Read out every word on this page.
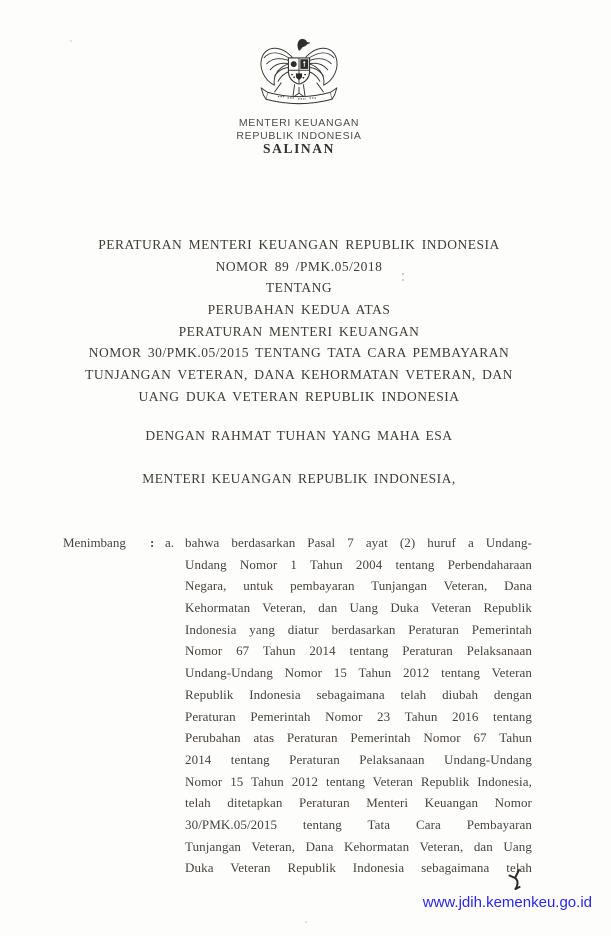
MENTERI KEUANGAN
REPUBLIK INDONESIA
SALINAN
PERATURAN MENTERI KEUANGAN REPUBLIK INDONESIA
NOMOR 89 /PMK.05/2018
TENTANG
PERUBAHAN KEDUA ATAS
PERATURAN MENTERI KEUANGAN
NOMOR 30/PMK.05/2015 TENTANG TATA CARA PEMBAYARAN
TUNJANGAN VETERAN, DANA KEHORMATAN VETERAN, DAN
UANG DUKA VETERAN REPUBLIK INDONESIA
DENGAN RAHMAT TUHAN YANG MAHA ESA
MENTERI KEUANGAN REPUBLIK INDONESIA,
Menimbang	: a. bahwa berdasarkan Pasal 7 ayat (2) huruf a Undang-
Undang Nomor 1 Tahun 2004 tentang Perbendaharaan
Negara, untuk pembayaran Tunjangan Veteran, Dana
Kehormatan Veteran, dan Uang Duka Veteran Republik
Indonesia yang diatur berdasarkan Peraturan Pemerintah
Nomor 67 Tahun 2014 tentang Peraturan Pelaksanaan
Undang-Undang Nomor 15 Tahun 2012 tentang Veteran
Republik Indonesia sebagaimana telah diubah dengan
Peraturan Pemerintah Nomor 23 Tahun 2016 tentang
Perubahan atas Peraturan Pemerintah Nomor 67 Tahun
2014 tentang Peraturan Pelaksanaan Undang-Undang
Nomor 15 Tahun 2012 tentang Veteran Republik Indonesia,
telah ditetapkan Peraturan Menteri Keuangan Nomor
30/PMK.05/2015 tentang Tata Cara Pembayaran
Tunjangan Veteran, Dana Kehormatan Veteran, dan Uang
Duka Veteran Republik Indonesia sebagaimana telah
www.jdih.kemenkeu.go.id
